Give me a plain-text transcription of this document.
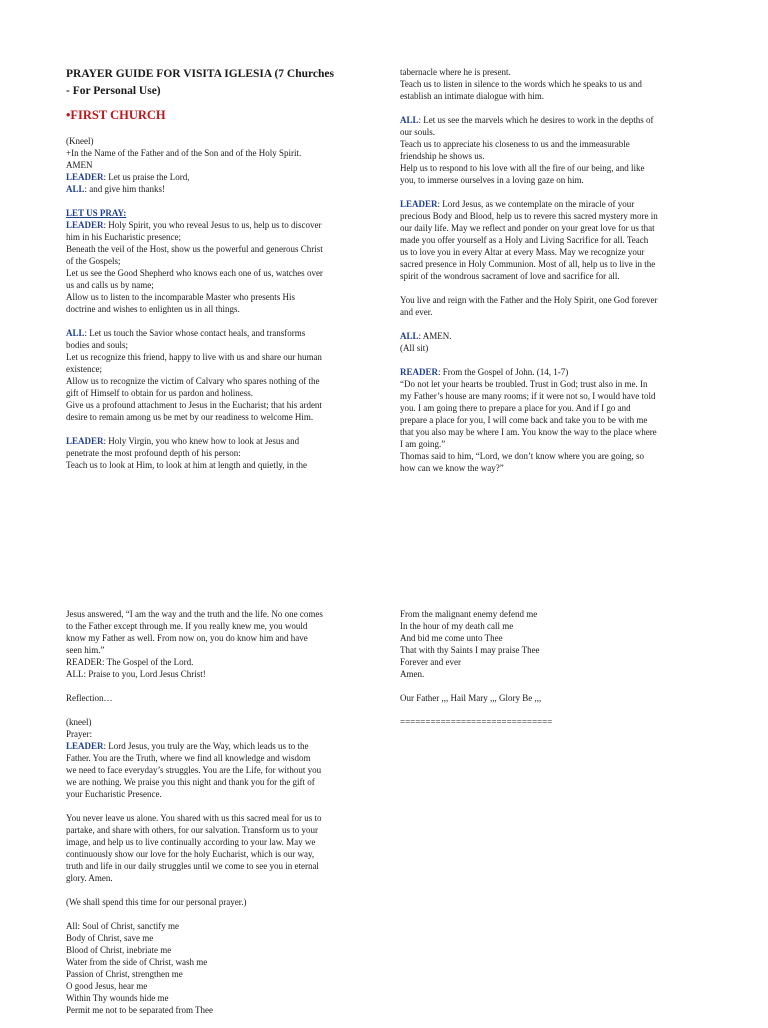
PRAYER GUIDE FOR VISITA IGLESIA (7 Churches
- For Personal Use)
•FIRST CHURCH

(Kneel)
+In the Name of the Father and of the Son and of the Holy Spirit.
AMEN
LEADER: Let us praise the Lord,
ALL: and give him thanks!

LET US PRAY:
LEADER: Holy Spirit, you who reveal Jesus to us, help us to discover
him in his Eucharistic presence;
Beneath the veil of the Host, show us the powerful and generous Christ
of the Gospels;
Let us see the Good Shepherd who knows each one of us, watches over
us and calls us by name;
Allow us to listen to the incomparable Master who presents His
doctrine and wishes to enlighten us in all things.

ALL: Let us touch the Savior whose contact heals, and transforms
bodies and souls;
Let us recognize this friend, happy to live with us and share our human
existence;
Allow us to recognize the victim of Calvary who spares nothing of the
gift of Himself to obtain for us pardon and holiness.
Give us a profound attachment to Jesus in the Eucharist; that his ardent
desire to remain among us be met by our readiness to welcome Him.

LEADER: Holy Virgin, you who knew how to look at Jesus and
penetrate the most profound depth of his person:
Teach us to look at Him, to look at him at length and quietly, in the

tabernacle where he is present.
Teach us to listen in silence to the words which he speaks to us and
establish an intimate dialogue with him.

ALL: Let us see the marvels which he desires to work in the depths of
our souls.
Teach us to appreciate his closeness to us and the immeasurable
friendship he shows us.
Help us to respond to his love with all the fire of our being, and like
you, to immerse ourselves in a loving gaze on him.

LEADER: Lord Jesus, as we contemplate on the miracle of your
precious Body and Blood, help us to revere this sacred mystery more in
our daily life. May we reflect and ponder on your great love for us that
made you offer yourself as a Holy and Living Sacrifice for all. Teach
us to love you in every Altar at every Mass. May we recognize your
sacred presence in Holy Communion. Most of all, help us to live in the
spirit of the wondrous sacrament of love and sacrifice for all.

You live and reign with the Father and the Holy Spirit, one God forever
and ever.

ALL: AMEN.
(All sit)

READER: From the Gospel of John. (14, 1-7)
“Do not let your hearts be troubled. Trust in God; trust also in me. In
my Father’s house are many rooms; if it were not so, I would have told
you. I am going there to prepare a place for you. And if I go and
prepare a place for you, I will come back and take you to be with me
that you also may be where I am. You know the way to the place where
I am going.”
Thomas said to him, “Lord, we don’t know where you are going, so
how can we know the way?”

Jesus answered, “I am the way and the truth and the life. No one comes
to the Father except through me. If you really knew me, you would
know my Father as well. From now on, you do know him and have
seen him.”
READER: The Gospel of the Lord.
ALL: Praise to you, Lord Jesus Christ!

Reflection…

(kneel)
Prayer:
LEADER: Lord Jesus, you truly are the Way, which leads us to the
Father. You are the Truth, where we find all knowledge and wisdom
we need to face everyday’s struggles. You are the Life, for without you
we are nothing. We praise you this night and thank you for the gift of
your Eucharistic Presence.

You never leave us alone. You shared with us this sacred meal for us to
partake, and share with others, for our salvation. Transform us to your
image, and help us to live continually according to your law. May we
continuously show our love for the holy Eucharist, which is our way,
truth and life in our daily struggles until we come to see you in eternal
glory. Amen.

(We shall spend this time for our personal prayer.)

All: Soul of Christ, sanctify me
Body of Christ, save me
Blood of Christ, inebriate me
Water from the side of Christ, wash me
Passion of Christ, strengthen me
O good Jesus, hear me
Within Thy wounds hide me
Permit me not to be separated from Thee

From the malignant enemy defend me
In the hour of my death call me
And bid me come unto Thee
That with thy Saints I may praise Thee
Forever and ever
Amen.

Our Father ,,, Hail Mary ,,, Glory Be ,,,

==============================
